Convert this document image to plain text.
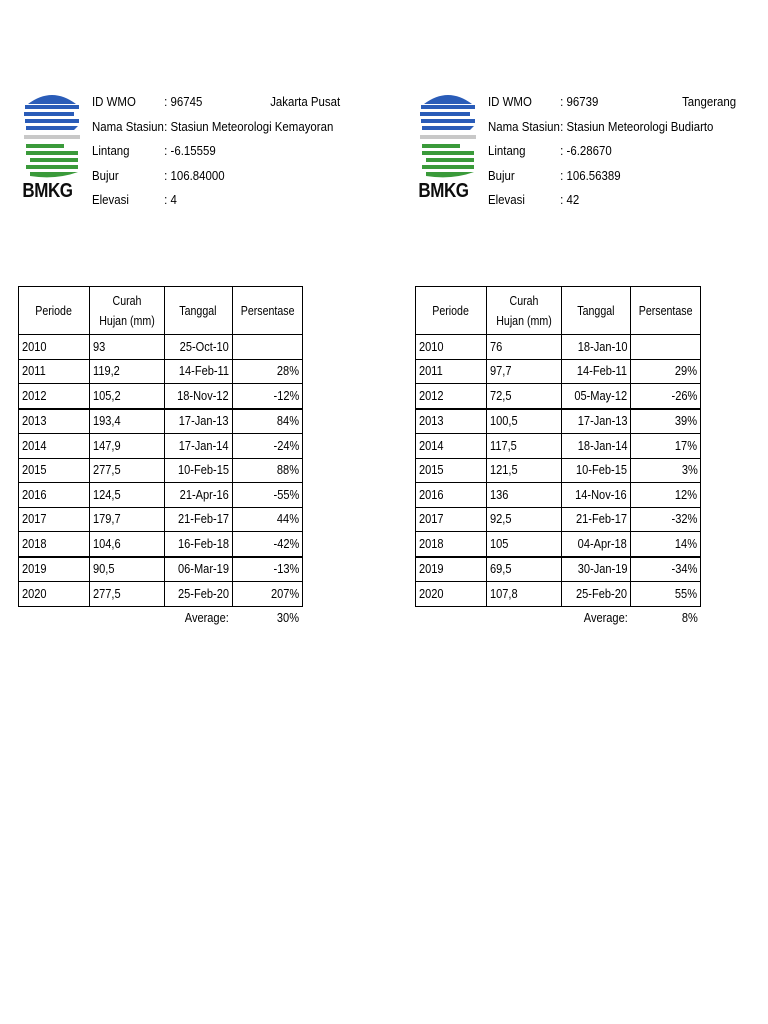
BMKG
ID WMO : 96745	Jakarta Pusat
Nama Stasiun : Stasiun Meteorologi Kemayoran
Lintang	: -6.15559
Bujur	: 106.84000
Elevasi	: 4	BMKG
ID WMO : 96739	Tangerang
Nama Stasiun : Stasiun Meteorologi Budiarto
Lintang	: -6.28670
Bujur	: 106.56389
Elevasi	: 42
Periode	Curah Hujan (mm)	Tanggal	Persentase
2010	93	25-Oct-10	
2011	119,2	14-Feb-11	28%
2012	105,2	18-Nov-12	-12%
2013	193,4	17-Jan-13	84%
2014	147,9	17-Jan-14	-24%
2015	277,5	10-Feb-15	88%
2016	124,5	21-Apr-16	-55%
2017	179,7	21-Feb-17	44%
2018	104,6	16-Feb-18	-42%
2019	90,5	06-Mar-19	-13%
2020	277,5	25-Feb-20	207%
		Average:	30%
Periode	Curah Hujan (mm)	Tanggal	Persentase
2010	76	18-Jan-10	
2011	97,7	14-Feb-11	29%
2012	72,5	05-May-12	-26%
2013	100,5	17-Jan-13	39%
2014	117,5	18-Jan-14	17%
2015	121,5	10-Feb-15	3%
2016	136	14-Nov-16	12%
2017	92,5	21-Feb-17	-32%
2018	105	04-Apr-18	14%
2019	69,5	30-Jan-19	-34%
2020	107,8	25-Feb-20	55%
		Average:	8%
